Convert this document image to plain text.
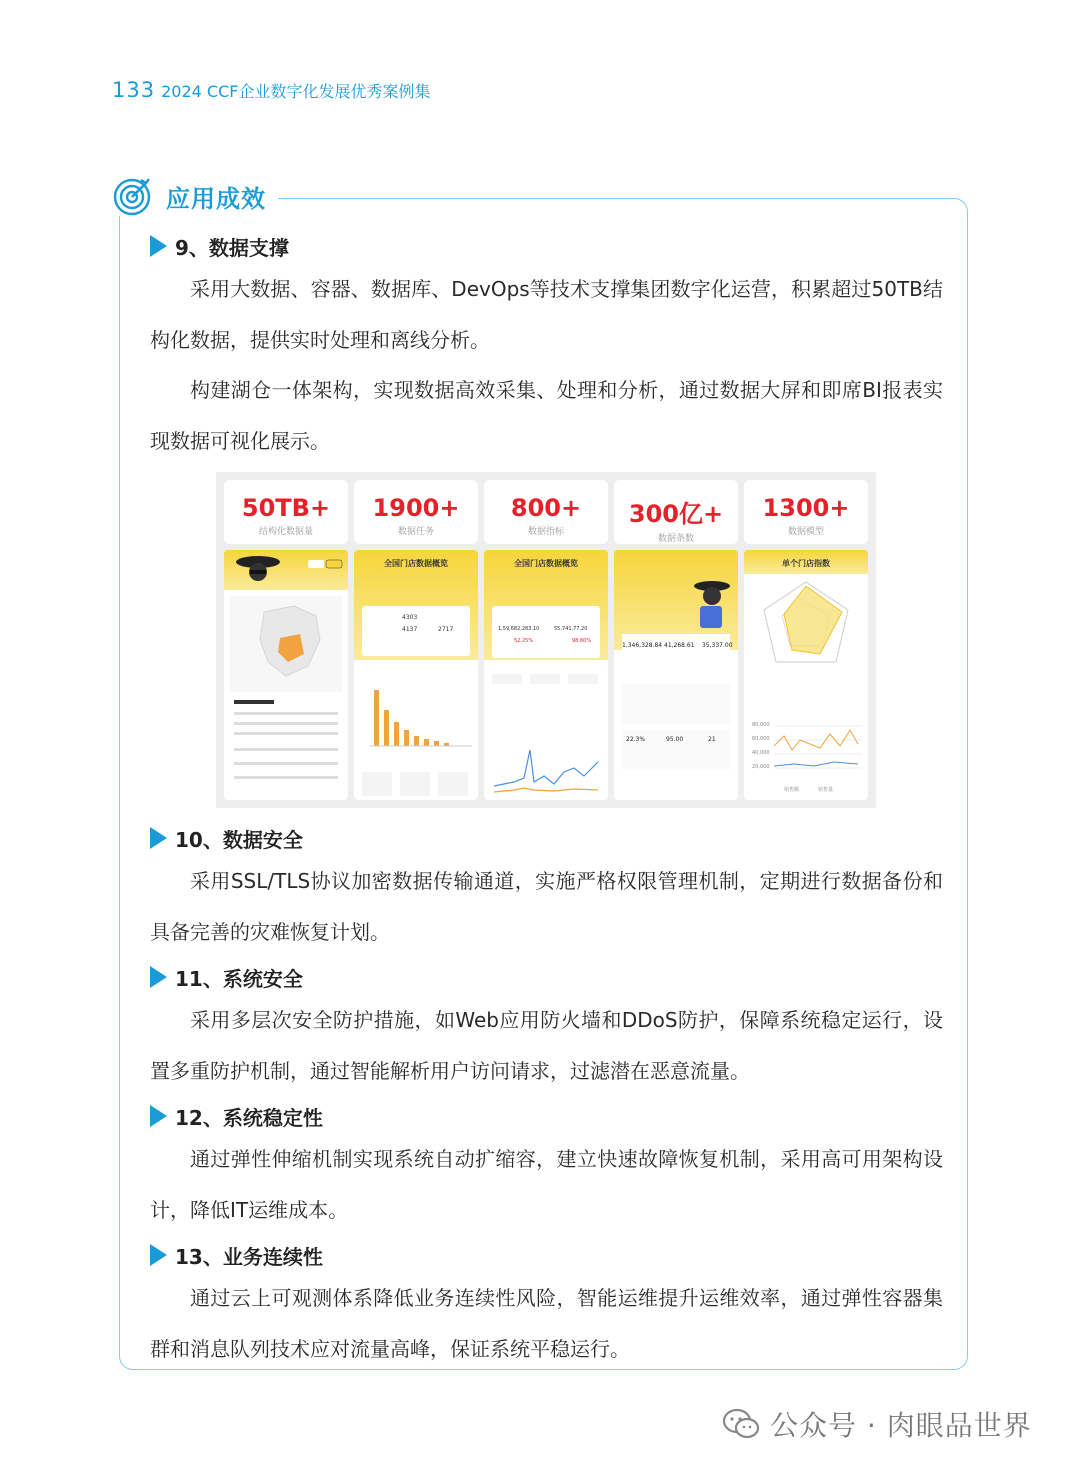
133 2024 CCF企业数字化发展优秀案例集
应用成效
9、数据支撑

采用大数据、容器、数据库、DevOps等技术支撑集团数字化运营，积累超过50TB结构化数据，提供实时处理和离线分析。

构建湖仓一体架构，实现数据高效采集、处理和分析，通过数据大屏和即席BI报表实现数据可视化展示。

50TB+
结构化数据量
1900+
数据任务
800+
数据指标
300亿+
数据条数
1300+
数据模型
全国门店数据概览
4303
4137	2717
全国门店数据概览
1,59,682,283.10	55,741,77.20
52.25%	98.60%
1,346,328.84 41,268.61 35,337.00
22.3%	95.00	21
单个门店指数
80,000
60,000
40,000
20,000
销售额	销售量
10、数据安全

采用SSL/TLS协议加密数据传输通道，实施严格权限管理机制，定期进行数据备份和具备完善的灾难恢复计划。

11、系统安全

采用多层次安全防护措施，如Web应用防火墙和DDoS防护，保障系统稳定运行，设置多重防护机制，通过智能解析用户访问请求，过滤潜在恶意流量。

12、系统稳定性

通过弹性伸缩机制实现系统自动扩缩容，建立快速故障恢复机制，采用高可用架构设计，降低IT运维成本。

13、业务连续性

通过云上可观测体系降低业务连续性风险，智能运维提升运维效率，通过弹性容器集群和消息队列技术应对流量高峰，保证系统平稳运行。

公众号 · 肉眼品世界
